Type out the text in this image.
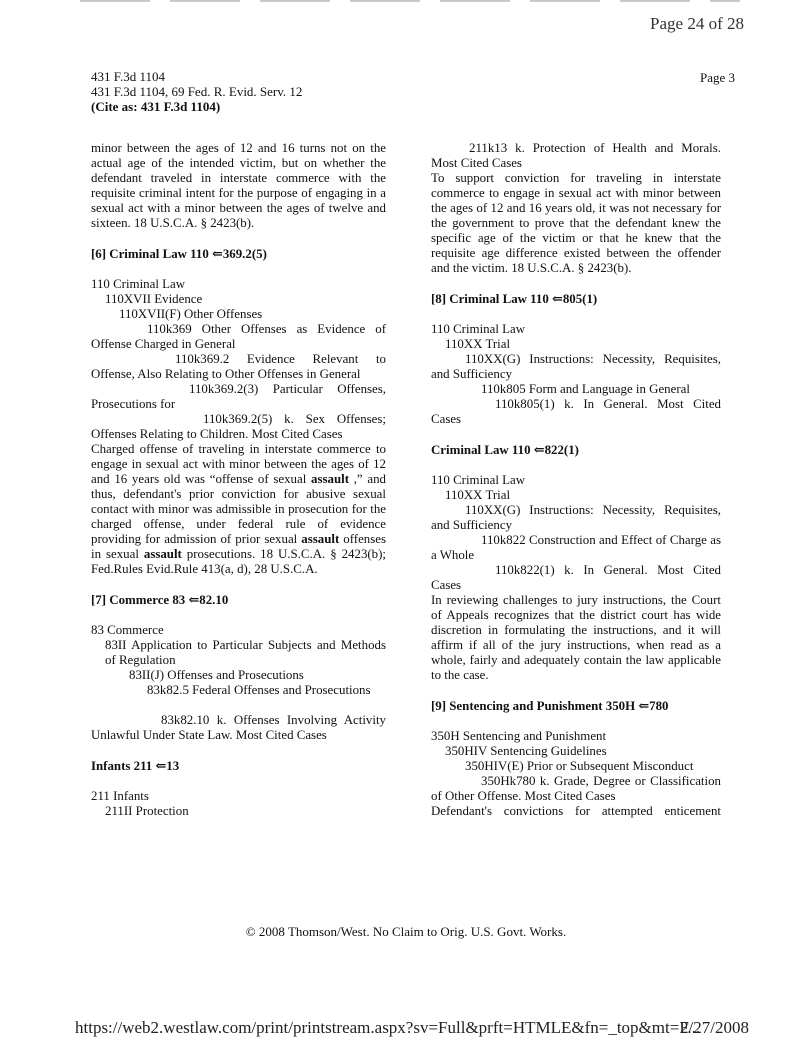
Page 24 of 28
431 F.3d 1104
431 F.3d 1104, 69 Fed. R. Evid. Serv. 12
(Cite as: 431 F.3d 1104)
Page 3

minor between the ages of 12 and 16 turns not on the actual age of the intended victim, but on whether the defendant traveled in interstate commerce with the requisite criminal intent for the purpose of engaging in a sexual act with a minor between the ages of twelve and sixteen. 18 U.S.C.A. § 2423(b).

[6] Criminal Law 110 ⇐369.2(5)
110 Criminal Law
110XVII Evidence
110XVII(F) Other Offenses
110k369 Other Offenses as Evidence of Offense Charged in General
110k369.2 Evidence Relevant to Offense, Also Relating to Other Offenses in General
110k369.2(3) Particular Offenses, Prosecutions for
110k369.2(5) k. Sex Offenses; Offenses Relating to Children. Most Cited Cases

Charged offense of traveling in interstate commerce to engage in sexual act with minor between the ages of 12 and 16 years old was “offense of sexual assault ,” and thus, defendant's prior conviction for abusive sexual contact with minor was admissible in prosecution for the charged offense, under federal rule of evidence providing for admission of prior sexual assault offenses in sexual assault prosecutions. 18 U.S.C.A. § 2423(b); Fed.Rules Evid.Rule 413(a, d), 28 U.S.C.A.

[7] Commerce 83 ⇐82.10
83 Commerce
83II Application to Particular Subjects and Methods of Regulation
83II(J) Offenses and Prosecutions
83k82.5 Federal Offenses and Prosecutions
83k82.10 k. Offenses Involving Activity Unlawful Under State Law. Most Cited Cases
Infants 211 ⇐13
211 Infants
211II Protection
211k13 k. Protection of Health and Morals. Most Cited Cases

To support conviction for traveling in interstate commerce to engage in sexual act with minor between the ages of 12 and 16 years old, it was not necessary for the government to prove that the defendant knew the specific age of the victim or that he knew that the requisite age difference existed between the offender and the victim. 18 U.S.C.A. § 2423(b).

[8] Criminal Law 110 ⇐805(1)
110 Criminal Law
110XX Trial
110XX(G) Instructions: Necessity, Requisites, and Sufficiency
110k805 Form and Language in General
110k805(1) k. In General. Most Cited Cases
Criminal Law 110 ⇐822(1)
110 Criminal Law
110XX Trial
110XX(G) Instructions: Necessity, Requisites, and Sufficiency
110k822 Construction and Effect of Charge as a Whole
110k822(1) k. In General. Most Cited Cases

In reviewing challenges to jury instructions, the Court of Appeals recognizes that the district court has wide discretion in formulating the instructions, and it will affirm if all of the jury instructions, when read as a whole, fairly and adequately contain the law applicable to the case.

[9] Sentencing and Punishment 350H ⇐780
350H Sentencing and Punishment
350HIV Sentencing Guidelines
350HIV(E) Prior or Subsequent Misconduct
350Hk780 k. Grade, Degree or Classification of Other Offense. Most Cited Cases

Defendant's convictions for attempted enticement

© 2008 Thomson/West. No Claim to Orig. U.S. Govt. Works.
https://web2.westlaw.com/print/printstream.aspx?sv=Full&prft=HTMLE&fn=_top&mt=F...
2/27/2008
